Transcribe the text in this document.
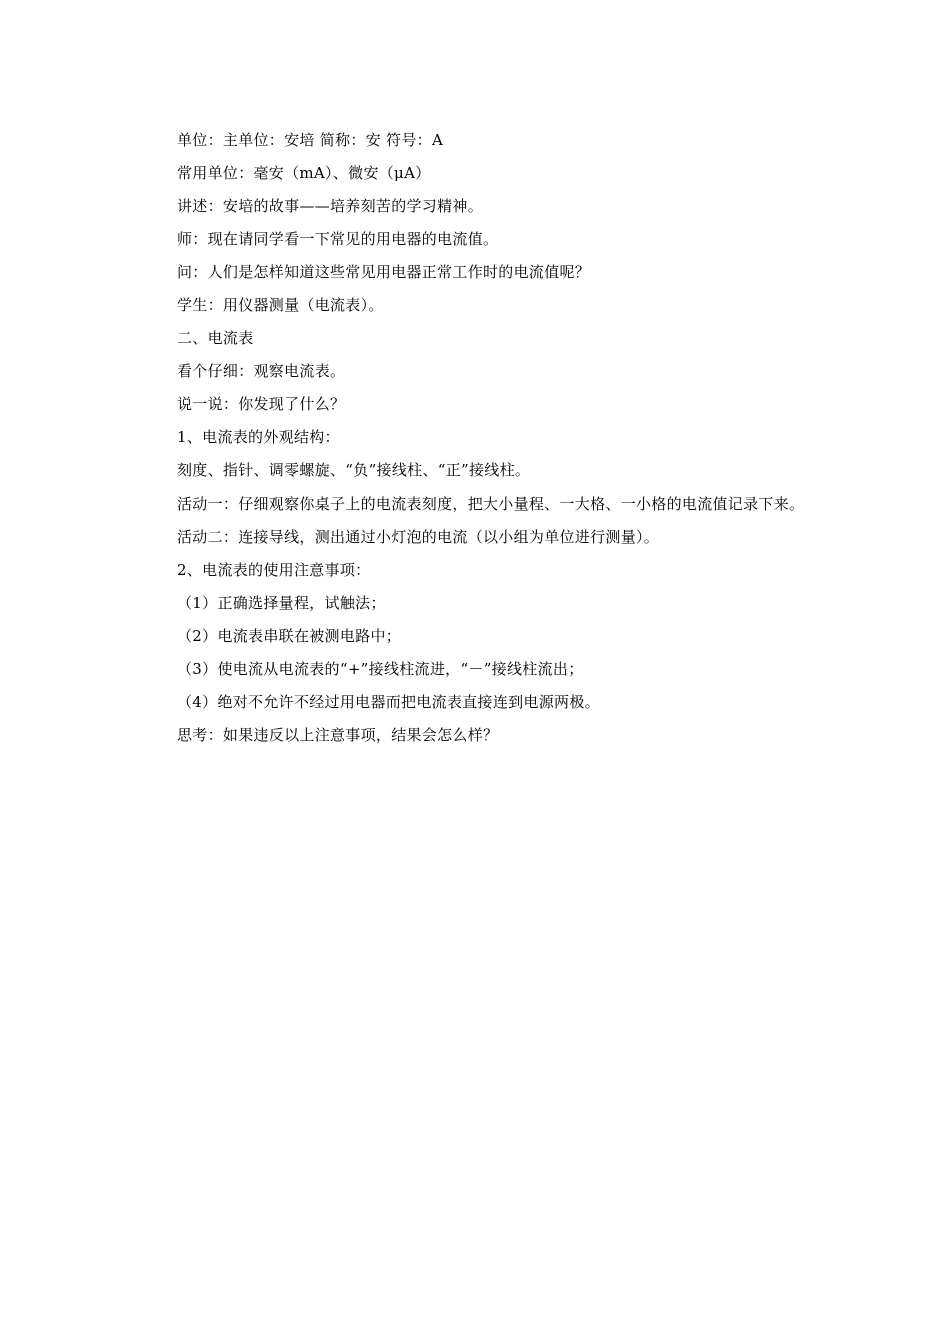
单位：主单位：安培 简称：安 符号：A

常用单位：毫安（mA）、微安（μA）

讲述：安培的故事——培养刻苦的学习精神。

师：现在请同学看一下常见的用电器的电流值。

问：人们是怎样知道这些常见用电器正常工作时的电流值呢？

学生：用仪器测量（电流表）。

二、电流表

看个仔细：观察电流表。

说一说：你发现了什么？

1、电流表的外观结构：

刻度、指针、调零螺旋、“负”接线柱、“正”接线柱。

活动一：仔细观察你桌子上的电流表刻度，把大小量程、一大格、一小格的电流值记录下来。

活动二：连接导线，测出通过小灯泡的电流（以小组为单位进行测量）。

2、电流表的使用注意事项：

（1）正确选择量程，试触法；

（2）电流表串联在被测电路中；

（3）使电流从电流表的“+”接线柱流进，“－”接线柱流出；

（4）绝对不允许不经过用电器而把电流表直接连到电源两极。

思考：如果违反以上注意事项，结果会怎么样？
